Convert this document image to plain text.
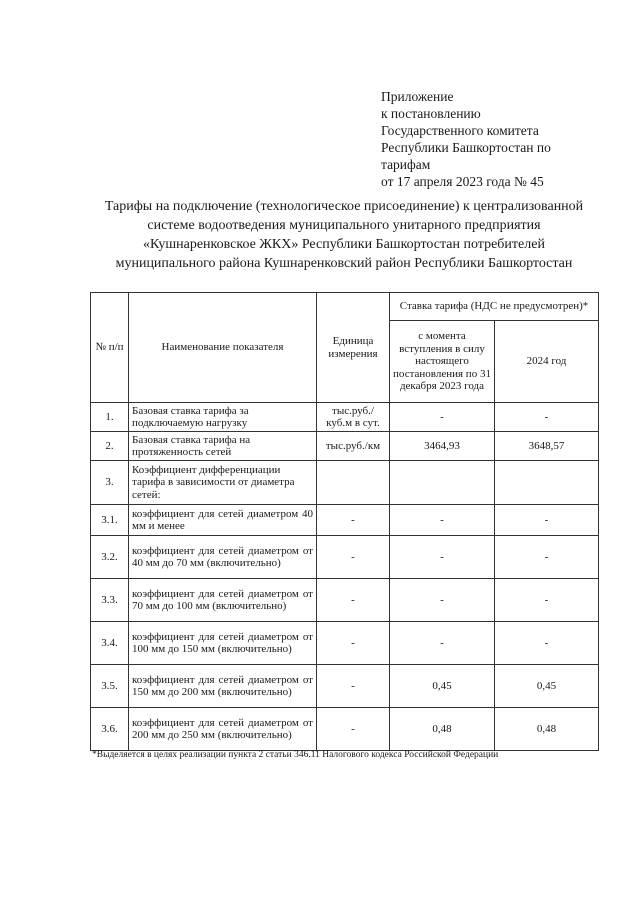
Приложение
к постановлению
Государственного комитета
Республики Башкортостан по
тарифам
от 17 апреля 2023 года № 45
Тарифы на подключение (технологическое присоединение) к централизованной
системе водоотведения муниципального унитарного предприятия
«Кушнаренковское ЖКХ» Республики Башкортостан потребителей
муниципального района Кушнаренковский район Республики Башкортостан
№ п/п	Наименование показателя	Единица измерения	Ставка тарифа (НДС не предусмотрен)*	
			с момента вступления в силу настоящего постановления по 31 декабря 2023 года	2024 год
1.	Базовая ставка тарифа за подключаемую нагрузку	тыс.руб./ куб.м в сут.	-	-
2.	Базовая ставка тарифа на протяженность сетей	тыс.руб./км	3464,93	3648,57
3.	Коэффициент дифференциации тарифа в зависимости от диаметра сетей:			
3.1.	коэффициент для сетей диаметром 40 мм и менее	-	-	-
3.2.	коэффициент для сетей диаметром от 40 мм до 70 мм (включительно)	-	-	-
3.3.	коэффициент для сетей диаметром от 70 мм до 100 мм (включительно)	-	-	-
3.4.	коэффициент для сетей диаметром от 100 мм до 150 мм (включительно)	-	-	-
3.5.	коэффициент для сетей диаметром от 150 мм до 200 мм (включительно)	-	0,45	0,45
3.6.	коэффициент для сетей диаметром от 200 мм до 250 мм (включительно)	-	0,48	0,48
*Выделяется в целях реализации пункта 2 статьи 346.11 Налогового кодекса Российской Федерации
